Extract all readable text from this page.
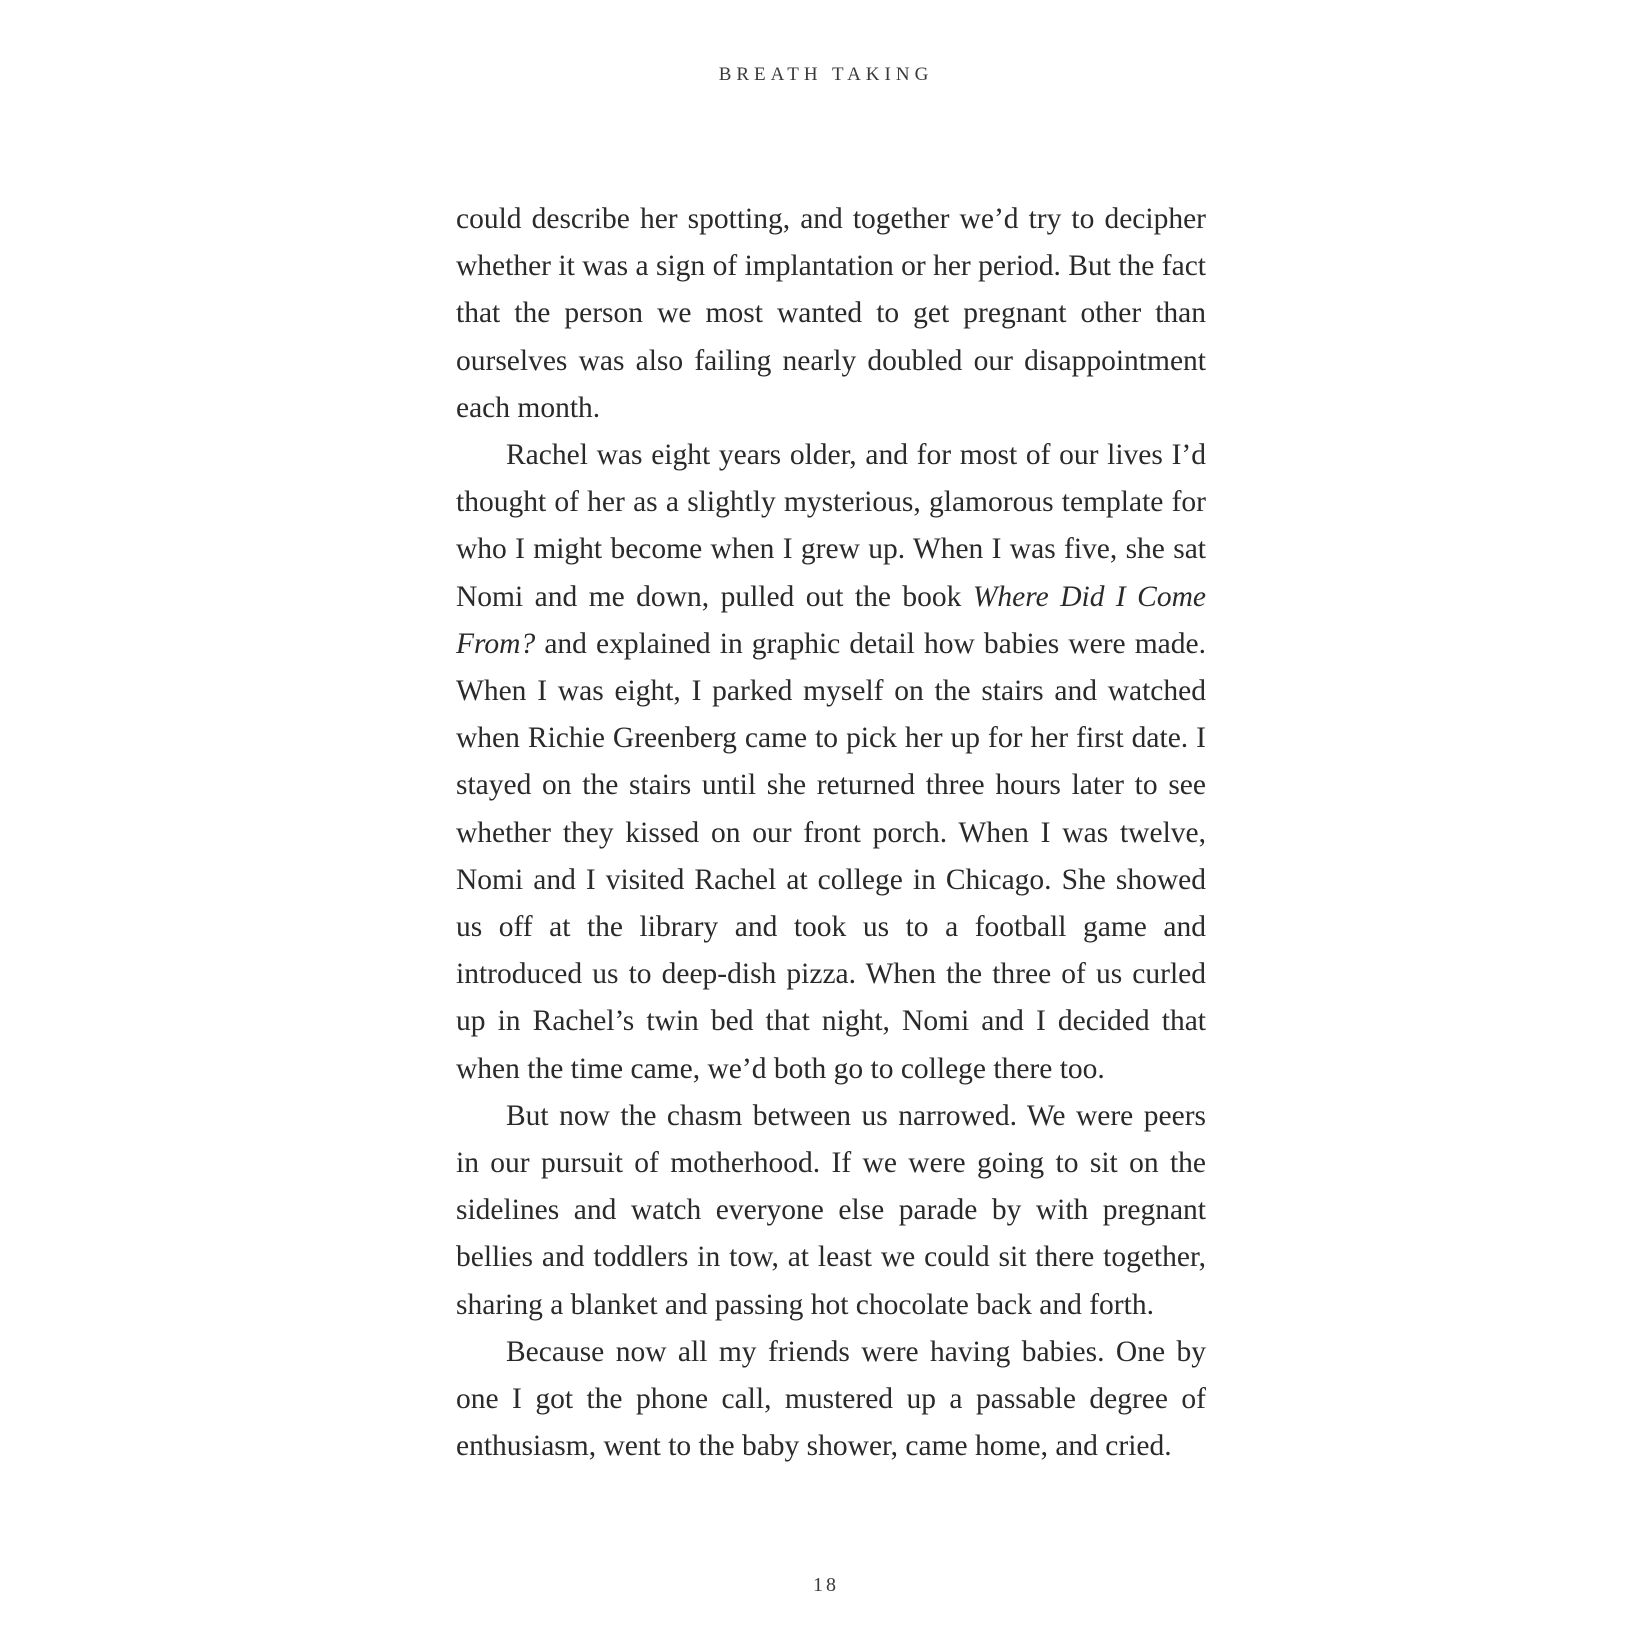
BREATH TAKING

could describe her spotting, and together we’d try to decipher whether it was a sign of implantation or her period. But the fact that the person we most wanted to get pregnant other than ourselves was also failing nearly doubled our disappointment each month.

Rachel was eight years older, and for most of our lives I’d thought of her as a slightly mysterious, glamorous template for who I might become when I grew up. When I was five, she sat Nomi and me down, pulled out the book Where Did I Come From? and explained in graphic detail how babies were made. When I was eight, I parked myself on the stairs and watched when Richie Greenberg came to pick her up for her first date. I stayed on the stairs until she returned three hours later to see whether they kissed on our front porch. When I was twelve, Nomi and I visited Rachel at college in Chicago. She showed us off at the library and took us to a football game and introduced us to deep-dish pizza. When the three of us curled up in Rachel’s twin bed that night, Nomi and I decided that when the time came, we’d both go to college there too.

But now the chasm between us narrowed. We were peers in our pursuit of motherhood. If we were going to sit on the sidelines and watch everyone else parade by with pregnant bellies and toddlers in tow, at least we could sit there together, sharing a blanket and passing hot chocolate back and forth.

Because now all my friends were having babies. One by one I got the phone call, mustered up a passable degree of enthusiasm, went to the baby shower, came home, and cried.

18
